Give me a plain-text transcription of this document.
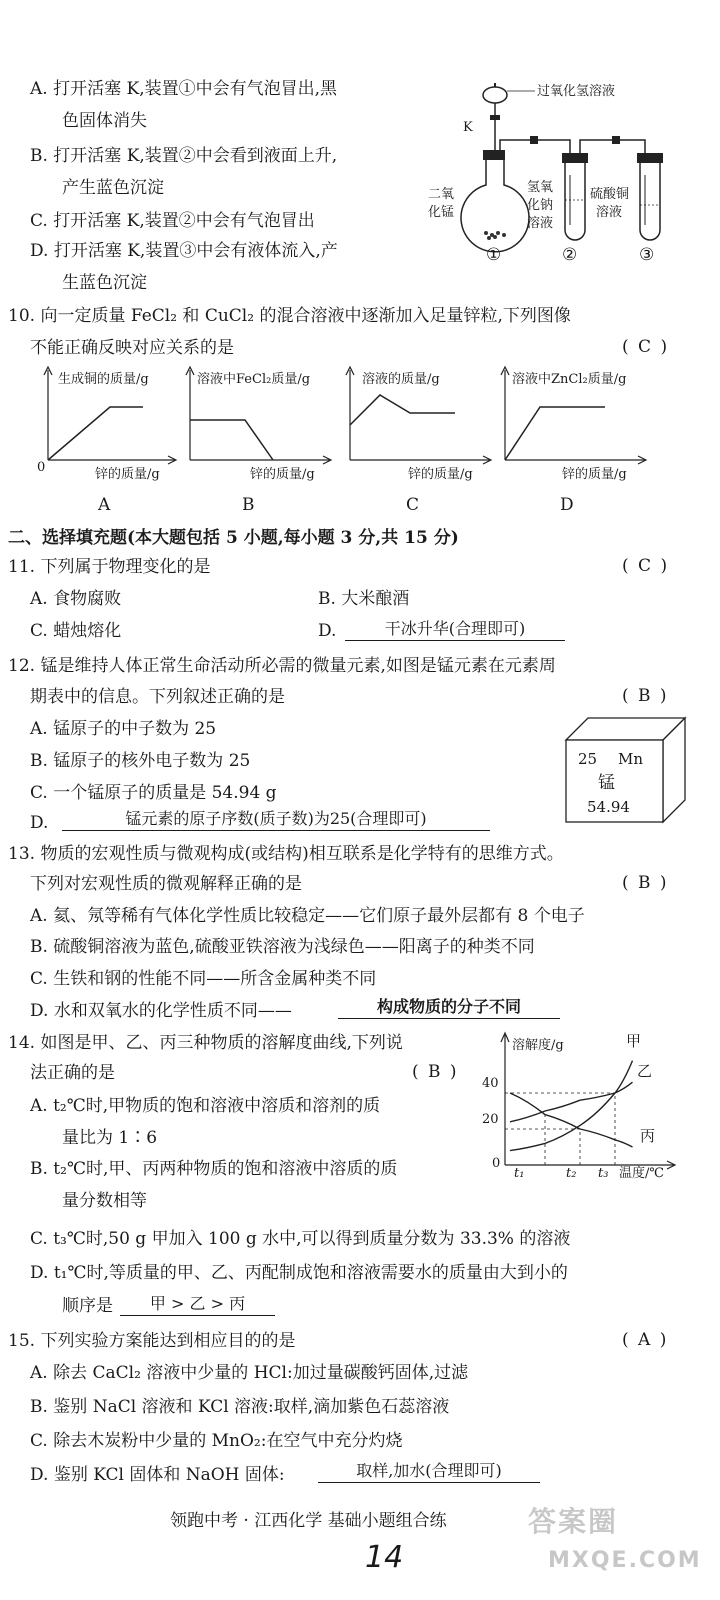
A. 打开活塞 K,装置①中会有气泡冒出,黑
色固体消失
B. 打开活塞 K,装置②中会看到液面上升,
产生蓝色沉淀
C. 打开活塞 K,装置②中会有气泡冒出
D. 打开活塞 K,装置③中会有液体流入,产
生蓝色沉淀
过氧化氢溶液
K
二氧
化锰
氢氧
化钠
溶液
硫酸铜
溶液
①	②	③
10. 向一定质量 FeCl₂ 和 CuCl₂ 的混合溶液中逐渐加入足量锌粒,下列图像
不能正确反映对应关系的是	( C )
生成铜的质量/g	溶液中FeCl₂质量/g	溶液的质量/g	溶液中ZnCl₂质量/g
0	锌的质量/g	锌的质量/g	锌的质量/g	锌的质量/g
A	B	C	D
二、选择填充题(本大题包括 5 小题,每小题 3 分,共 15 分)
11. 下列属于物理变化的是	( C )
A. 食物腐败	B. 大米酿酒
C. 蜡烛熔化	D.	干冰升华(合理即可)
12. 锰是维持人体正常生命活动所必需的微量元素,如图是锰元素在元素周
期表中的信息。下列叙述正确的是	( B )
A. 锰原子的中子数为 25
B. 锰原子的核外电子数为 25
C. 一个锰原子的质量是 54.94 g
D.	锰元素的原子序数(质子数)为25(合理即可)
25 Mn
锰
54.94
13. 物质的宏观性质与微观构成(或结构)相互联系是化学特有的思维方式。
下列对宏观性质的微观解释正确的是	( B )
A. 氦、氖等稀有气体化学性质比较稳定——它们原子最外层都有 8 个电子
B. 硫酸铜溶液为蓝色,硫酸亚铁溶液为浅绿色——阳离子的种类不同
C. 生铁和钢的性能不同——所含金属种类不同
D. 水和双氧水的化学性质不同——	构成物质的分子不同
14. 如图是甲、乙、丙三种物质的溶解度曲线,下列说
法正确的是	( B )
A. t₂℃时,甲物质的饱和溶液中溶质和溶剂的质
量比为 1∶6
B. t₂℃时,甲、丙两种物质的饱和溶液中溶质的质
量分数相等
C. t₃℃时,50 g 甲加入 100 g 水中,可以得到质量分数为 33.3% 的溶液
D. t₁℃时,等质量的甲、乙、丙配制成饱和溶液需要水的质量由大到小的
顺序是	甲 > 乙 > 丙
溶解度/g
温度/℃
40
20
0
t₁	t₂ t₃
甲
乙
丙
15. 下列实验方案能达到相应目的的是	( A )
A. 除去 CaCl₂ 溶液中少量的 HCl:加过量碳酸钙固体,过滤
B. 鉴别 NaCl 溶液和 KCl 溶液:取样,滴加紫色石蕊溶液
C. 除去木炭粉中少量的 MnO₂:在空气中充分灼烧
D. 鉴别 KCl 固体和 NaOH 固体:	取样,加水(合理即可)
领跑中考 · 江西化学 基础小题组合练
14
答案圈
MXQE.COM
